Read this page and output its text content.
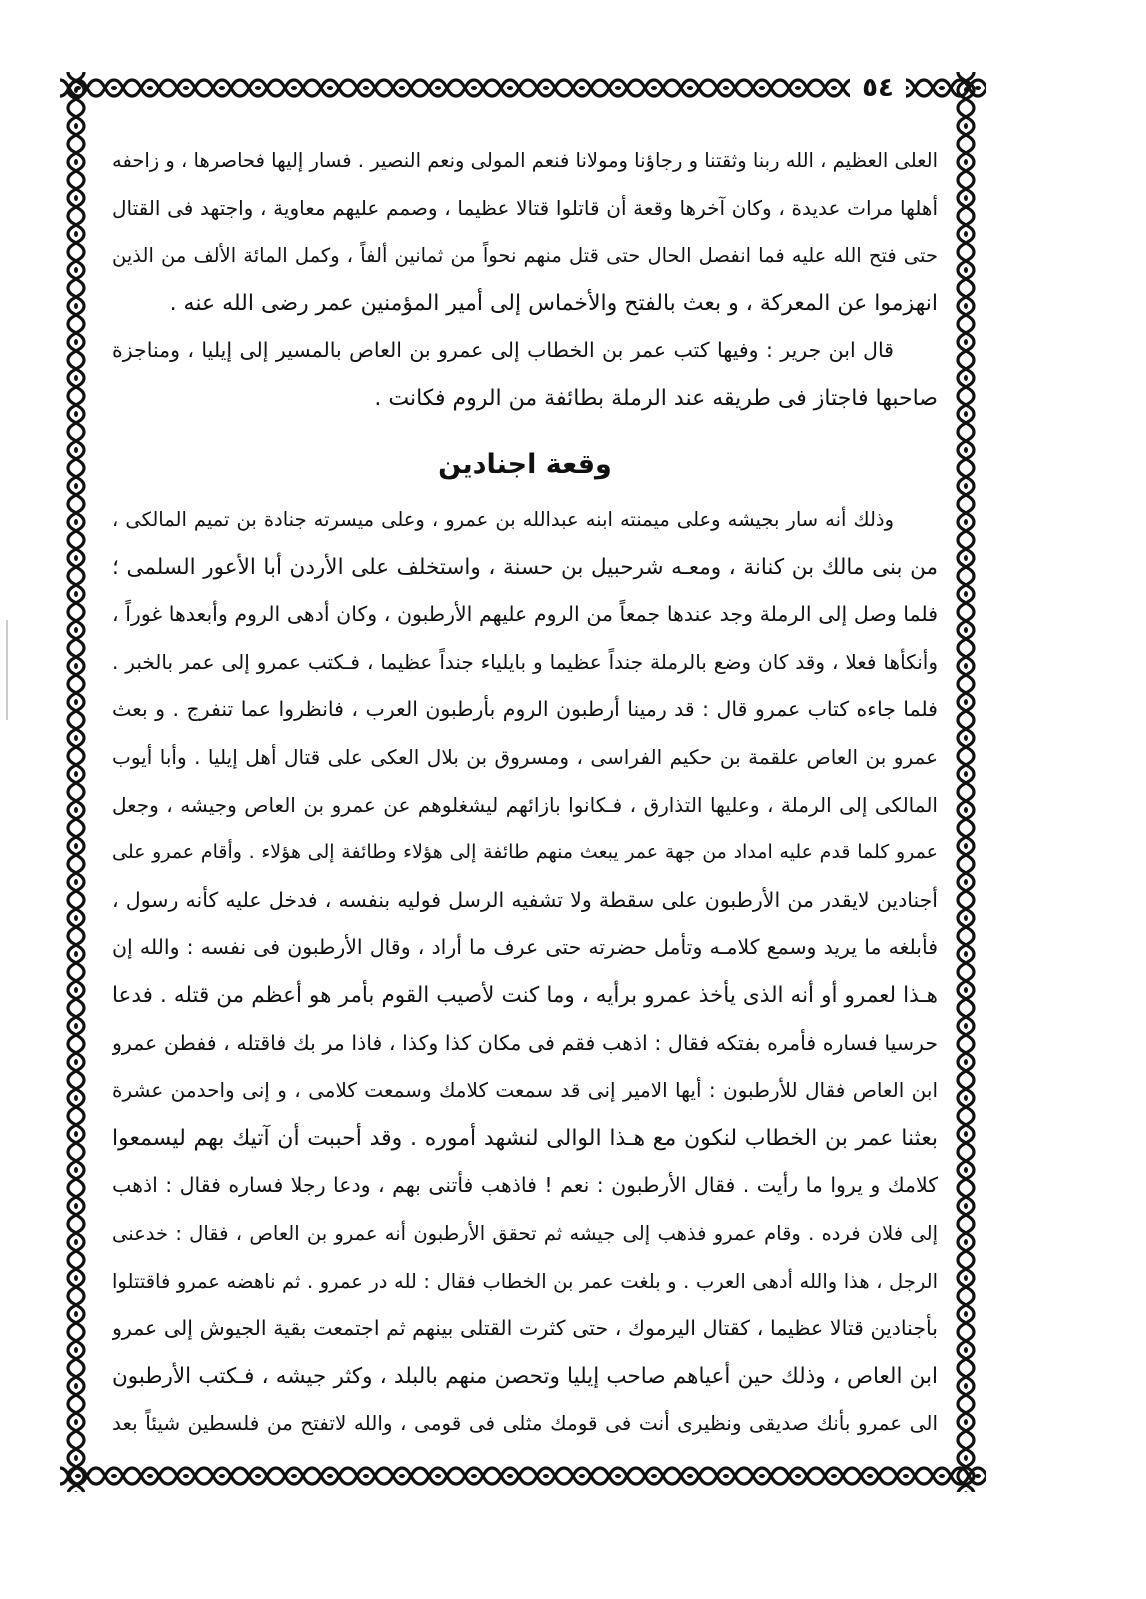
٥٤
العلى العظيم ، الله ربنا وثقتنا و رجاؤنا ومولانا فنعم المولى ونعم النصير . فسار إليها فحاصرها ، و زاحفه
أهلها مرات عديدة ، وكان آخرها وقعة أن قاتلوا قتالا عظيما ، وصمم عليهم معاوية ، واجتهد فى القتال
حتى فتح الله عليه فما انفصل الحال حتى قتل منهم نحواً من ثمانين ألفاً ، وكمل المائة الألف من الذين
انهزموا عن المعركة ، و بعث بالفتح والأخماس إلى أمير المؤمنين عمر رضى الله عنه .
قال ابن جرير : وفيها كتب عمر بن الخطاب إلى عمرو بن العاص بالمسير إلى إيليا ، ومناجزة
صاحبها فاجتاز فى طريقه عند الرملة بطائفة من الروم فكانت .
وقعة اجنادين
وذلك أنه سار بجيشه وعلى ميمنته ابنه عبدالله بن عمرو ، وعلى ميسرته جنادة بن تميم المالكى ،
من بنى مالك بن كنانة ، ومعـه شرحبيل بن حسنة ، واستخلف على الأردن أبا الأعور السلمى ؛
فلما وصل إلى الرملة وجد عندها جمعاً من الروم عليهم الأرطبون ، وكان أدهى الروم وأبعدها غوراً ،
وأنكأها فعلا ، وقد كان وضع بالرملة جنداً عظيما و بايلياء جنداً عظيما ، فـكتب عمرو إلى عمر بالخبر .
فلما جاءه كتاب عمرو قال : قد رمينا أرطبون الروم بأرطبون العرب ، فانظروا عما تنفرج . و بعث
عمرو بن العاص علقمة بن حكيم الفراسى ، ومسروق بن بلال العكى على قتال أهل إيليا . وأبا أيوب
المالكى إلى الرملة ، وعليها التذارق ، فـكانوا بازائهم ليشغلوهم عن عمرو بن العاص وجيشه ، وجعل
عمرو كلما قدم عليه امداد من جهة عمر يبعث منهم طائفة إلى هؤلاء وطائفة إلى هؤلاء . وأقام عمرو على
أجنادين لايقدر من الأرطبون على سقطة ولا تشفيه الرسل فوليه بنفسه ، فدخل عليه كأنه رسول ،
فأبلغه ما يريد وسمع كلامـه وتأمل حضرته حتى عرف ما أراد ، وقال الأرطبون فى نفسه : والله إن
هـذا لعمرو أو أنه الذى يأخذ عمرو برأيه ، وما كنت لأصيب القوم بأمر هو أعظم من قتله . فدعا
حرسيا فساره فأمره بفتكه فقال : اذهب فقم فى مكان كذا وكذا ، فاذا مر بك فاقتله ، ففطن عمرو
ابن العاص فقال للأرطبون : أيها الامير إنى قد سمعت كلامك وسمعت كلامى ، و إنى واحدمن عشرة
بعثنا عمر بن الخطاب لنكون مع هـذا الوالى لنشهد أموره . وقد أحببت أن آتيك بهم ليسمعوا
كلامك و يروا ما رأيت . فقال الأرطبون : نعم ! فاذهب فأتنى بهم ، ودعا رجلا فساره فقال : اذهب
إلى فلان فرده . وقام عمرو فذهب إلى جيشه ثم تحقق الأرطبون أنه عمرو بن العاص ، فقال : خدعنى
الرجل ، هذا والله أدهى العرب . و بلغت عمر بن الخطاب فقال : لله در عمرو . ثم ناهضه عمرو فاقتتلوا
بأجنادين قتالا عظيما ، كقتال اليرموك ، حتى كثرت القتلى بينهم ثم اجتمعت بقية الجيوش إلى عمرو
ابن العاص ، وذلك حين أعياهم صاحب إيليا وتحصن منهم بالبلد ، وكثر جيشه ، فـكتب الأرطبون
الى عمرو بأنك صديقى ونظيرى أنت فى قومك مثلى فى قومى ، والله لاتفتح من فلسطين شيئاً بعد
